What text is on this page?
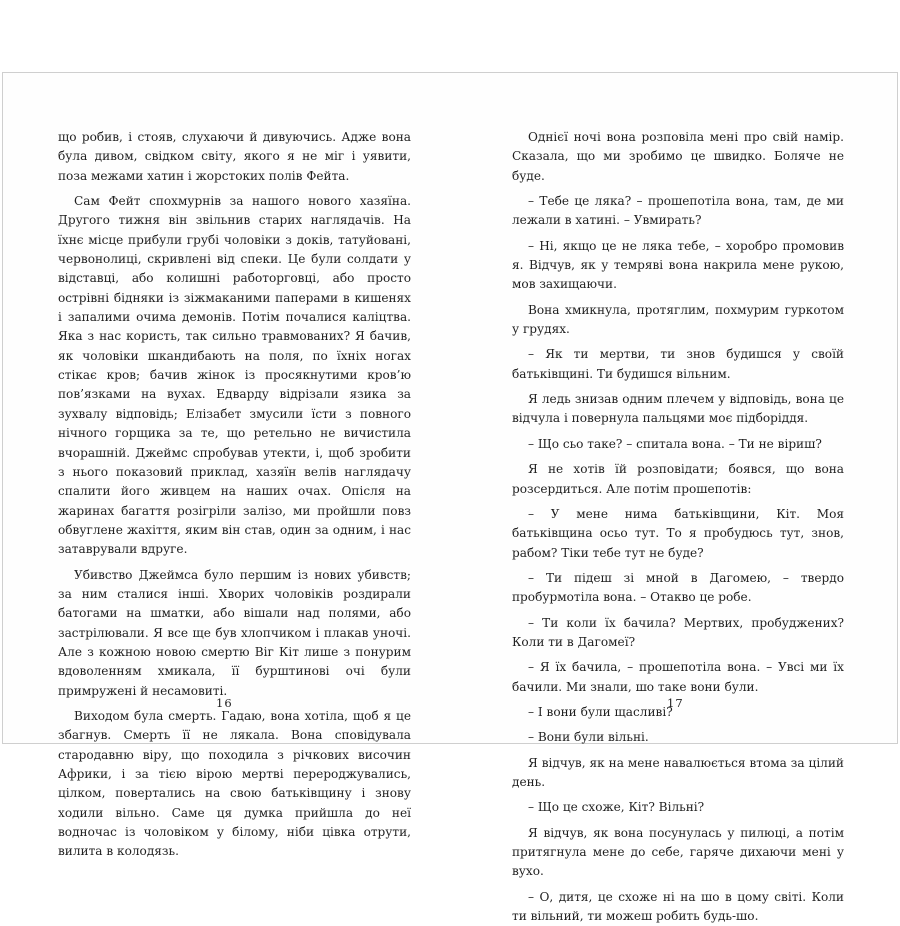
що робив, і стояв, слухаючи й дивуючись. Адже вона була дивом, свідком світу, якого я не міг і уявити, поза межами хатин і жорстоких полів Фейта.

Сам Фейт спохмурнів за нашого нового хазяїна. Другого тижня він звільнив старих наглядачів. На їхнє місце прибули грубі чоловіки з доків, татуйовані, червонолиці, скривлені від спеки. Це були солдати у відставці, або колишні работорговці, або просто острівні бідняки із зіжмаканими паперами в кишенях і запалими очима демонів. Потім почалися каліцтва. Яка з нас користь, так сильно травмованих? Я бачив, як чоловіки шкандибають на поля, по їхніх ногах стікає кров; бачив жінок із просякнутими кров’ю пов’язками на вухах. Едварду відрізали язика за зухвалу відповідь; Елізабет змусили їсти з повного нічного горщика за те, що ретельно не вичистила вчорашній. Джеймс спробував утекти, і, щоб зробити з нього показовий приклад, хазяїн велів наглядачу спалити його живцем на наших очах. Опісля на жаринах багаття розігріли залізо, ми пройшли повз обвуглене жахіття, яким він став, один за одним, і нас затаврували вдруге.

Убивство Джеймса було першим із нових убивств; за ним сталися інші. Хворих чоловіків роздирали батогами на шматки, або вішали над полями, або застрілювали. Я все ще був хлопчиком і плакав уночі. Але з кожною новою смертю Віг Кіт лише з понурим вдоволенням хмикала, її бурштинові очі були примружені й несамовиті.

Виходом була смерть. Гадаю, вона хотіла, щоб я це збагнув. Смерть її не лякала. Вона сповідувала стародавню віру, що походила з річкових височин Африки, і за тією вірою мертві перероджувались, цілком, повертались на свою батьківщину і знову ходили вільно. Саме ця думка прийшла до неї водночас із чоловіком у білому, ніби цівка отрути, вилита в колодязь.

16

Однієї ночі вона розповіла мені про свій намір. Сказала, що ми зробимо це швидко. Боляче не буде.

– Тебе це ляка? – прошепотіла вона, там, де ми лежали в хатині. – Увмирать?

– Ні, якщо це не ляка тебе, – хоробро промовив я. Відчув, як у темряві вона накрила мене рукою, мов захищаючи.

Вона хмикнула, протяглим, похмурим гуркотом у грудях.

– Як ти мертви, ти знов будишся у своїй батьківщині. Ти будишся вільним.

Я ледь знизав одним плечем у відповідь, вона це відчула і повернула пальцями моє підборіддя.

– Що сьо таке? – спитала вона. – Ти не віриш?

Я не хотів їй розповідати; боявся, що вона розсердиться. Але потім прошепотів:

– У мене нима батьківщини, Кіт. Моя батьківщина осьо тут. То я пробудюсь тут, знов, рабом? Тіки тебе тут не буде?

– Ти підеш зі мной в Дагомею, – твердо пробурмотіла вона. – Отакво це робе.

– Ти коли їх бачила? Мертвих, пробуджених? Коли ти в Дагомеї?

– Я їх бачила, – прошепотіла вона. – Увсі ми їх бачили. Ми знали, шо таке вони були.

– І вони були щасливі?

– Вони були вільні.

Я відчув, як на мене навалюється втома за цілий день.

– Що це схоже, Кіт? Вільні?

Я відчув, як вона посунулась у пилюці, а потім притягнула мене до себе, гаряче дихаючи мені у вухо.

– О, дитя, це схоже ні на шо в цому світі. Коли ти вільний, ти можеш робить будь-шо.

17
